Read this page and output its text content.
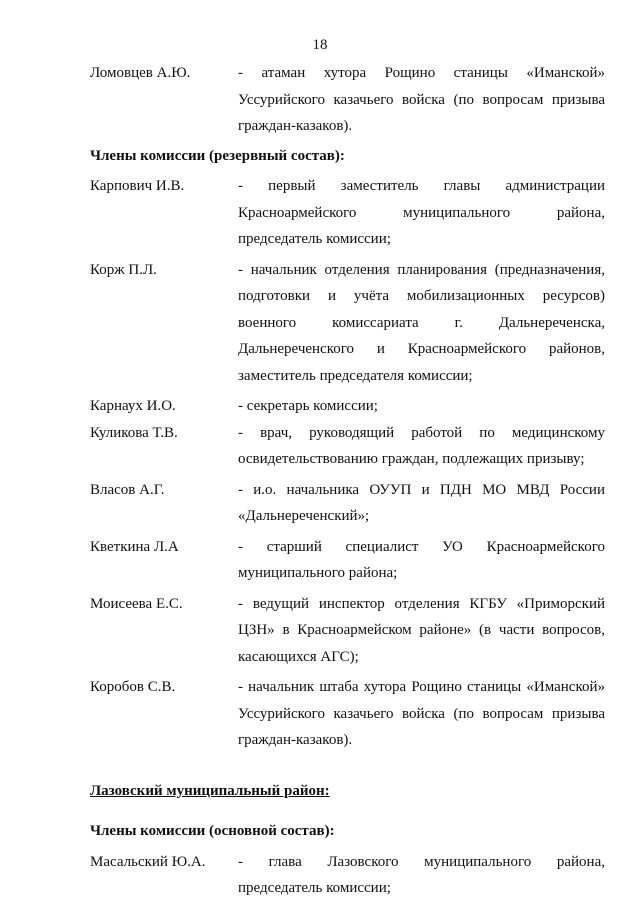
18
Ломовцев А.Ю.	- атаман хутора Рощино станицы «Иманской» Уссурийского казачьего войска (по вопросам призыва граждан-казаков).
Члены комиссии (резервный состав):
Карпович И.В.	- первый заместитель главы администрации Красноармейского муниципального района, председатель комиссии;
Корж П.Л.	- начальник отделения планирования (предназначения, подготовки и учёта мобилизационных ресурсов) военного комиссариата г. Дальнереченска, Дальнереченского и Красноармейского районов, заместитель председателя комиссии;
Карнаух И.О.	- секретарь комиссии;
Куликова Т.В.	- врач, руководящий работой по медицинскому освидетельствованию граждан, подлежащих призыву;
Власов А.Г.	- и.о. начальника ОУУП и ПДН МО МВД России «Дальнереченский»;
Кветкина Л.А	- старший специалист УО Красноармейского муниципального района;
Моисеева Е.С.	- ведущий инспектор отделения КГБУ «Приморский ЦЗН» в Красноармейском районе» (в части вопросов, касающихся АГС);
Коробов С.В.	- начальник штаба хутора Рощино станицы «Иманской» Уссурийского казачьего войска (по вопросам призыва граждан-казаков).
Лазовский муниципальный район:
Члены комиссии (основной состав):
Масальский Ю.А.	- глава Лазовского муниципального района, председатель комиссии;
